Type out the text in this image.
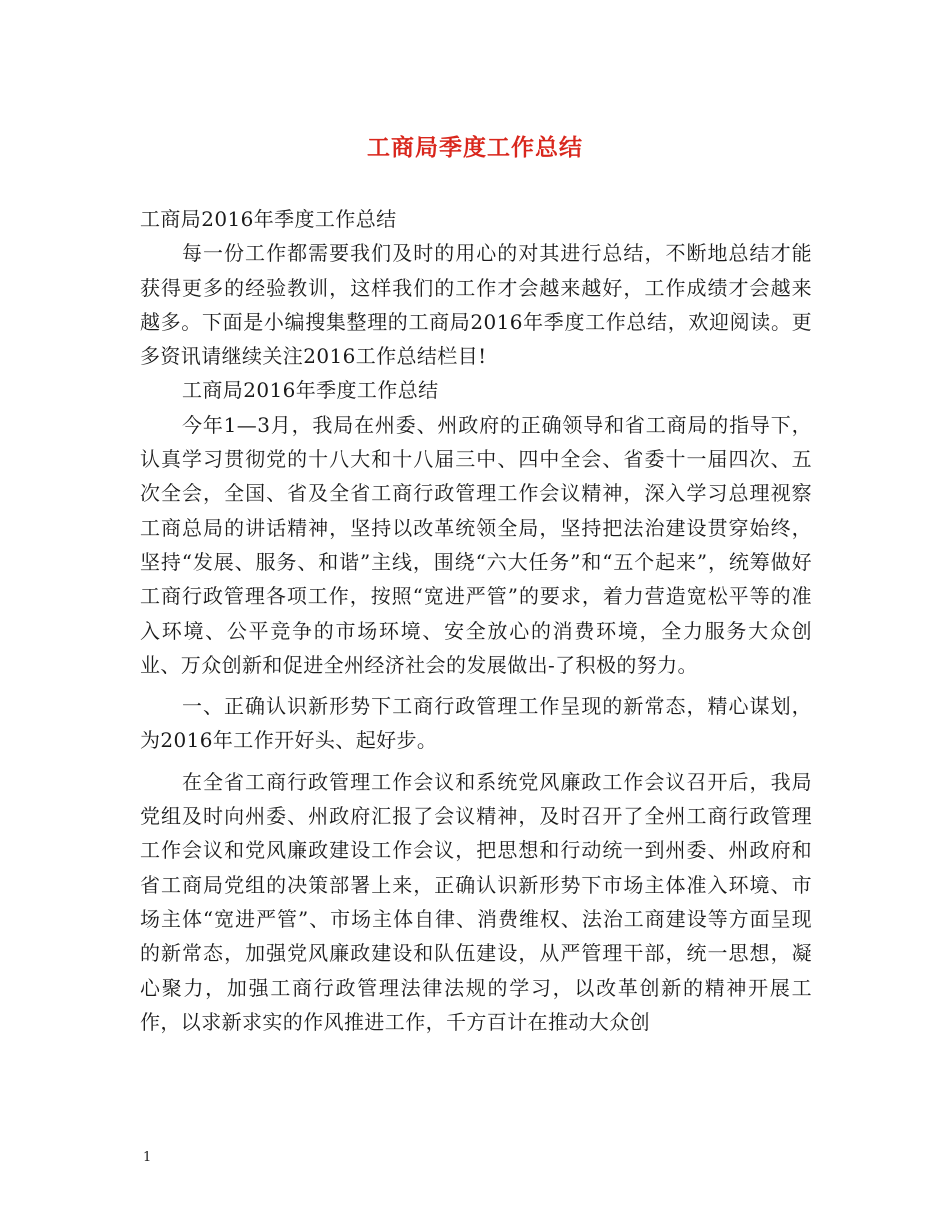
工商局季度工作总结

工商局2016年季度工作总结

每一份工作都需要我们及时的用心的对其进行总结，不断地总结才能获得更多的经验教训，这样我们的工作才会越来越好，工作成绩才会越来越多。下面是小编搜集整理的工商局2016年季度工作总结，欢迎阅读。更多资讯请继续关注2016工作总结栏目!

工商局2016年季度工作总结

今年1—3月，我局在州委、州政府的正确领导和省工商局的指导下，认真学习贯彻党的十八大和十八届三中、四中全会、省委十一届四次、五次全会，全国、省及全省工商行政管理工作会议精神，深入学习总理视察工商总局的讲话精神，坚持以改革统领全局，坚持把法治建设贯穿始终，坚持“发展、服务、和谐”主线，围绕“六大任务”和“五个起来”，统筹做好工商行政管理各项工作，按照“宽进严管”的要求，着力营造宽松平等的准入环境、公平竞争的市场环境、安全放心的消费环境，全力服务大众创业、万众创新和促进全州经济社会的发展做出-了积极的努力。

一、正确认识新形势下工商行政管理工作呈现的新常态，精心谋划，为2016年工作开好头、起好步。

在全省工商行政管理工作会议和系统党风廉政工作会议召开后，我局党组及时向州委、州政府汇报了会议精神，及时召开了全州工商行政管理工作会议和党风廉政建设工作会议，把思想和行动统一到州委、州政府和省工商局党组的决策部署上来，正确认识新形势下市场主体准入环境、市场主体“宽进严管”、市场主体自律、消费维权、法治工商建设等方面呈现的新常态，加强党风廉政建设和队伍建设，从严管理干部，统一思想，凝心聚力，加强工商行政管理法律法规的学习，以改革创新的精神开展工作，以求新求实的作风推进工作，千方百计在推动大众创

1
